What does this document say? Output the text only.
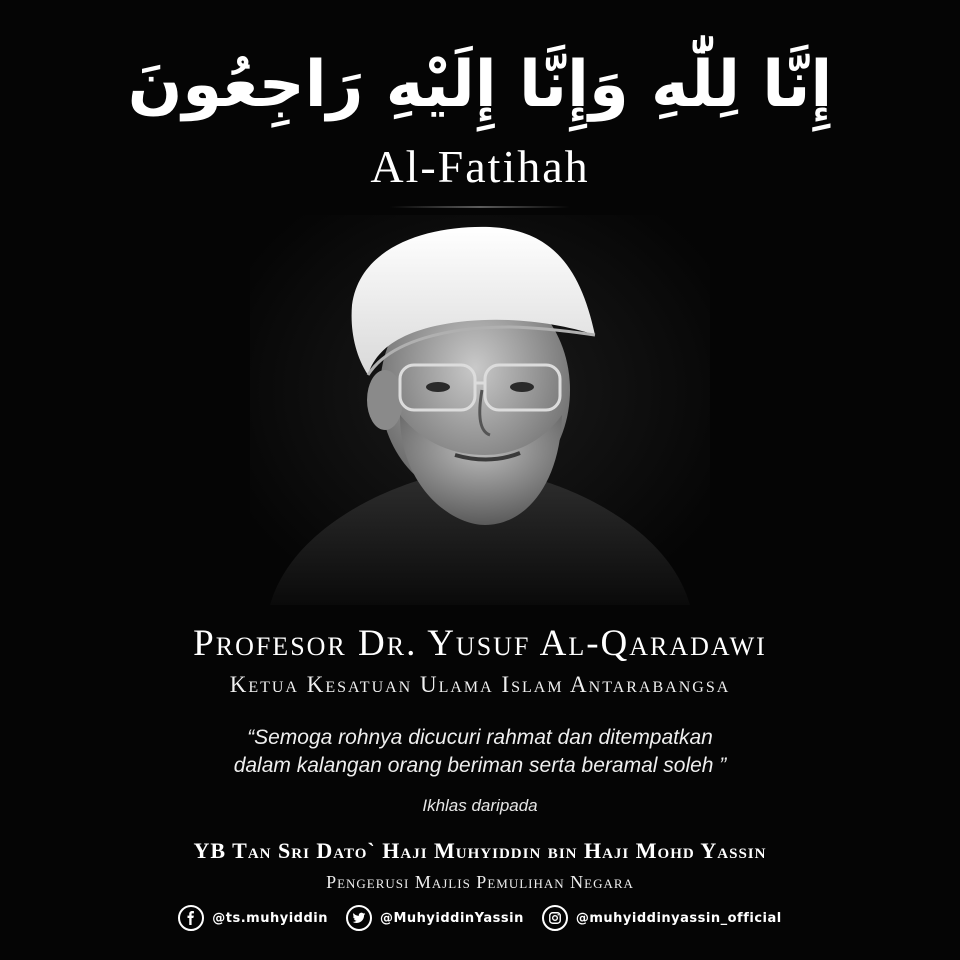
إِنَّا لِلّٰهِ وَإِنَّا إِلَيْهِ رَاجِعُونَ
Al-Fatihah
Profesor Dr. Yusuf Al-Qaradawi
Ketua Kesatuan Ulama Islam Antarabangsa
“Semoga rohnya dicucuri rahmat dan ditempatkan
dalam kalangan orang beriman serta beramal soleh ”
Ikhlas daripada
YB Tan Sri Dato` Haji Muhyiddin bin Haji Mohd Yassin
Pengerusi Majlis Pemulihan Negara
@ts.muhyiddin	@MuhyiddinYassin	@muhyiddinyassin_official
